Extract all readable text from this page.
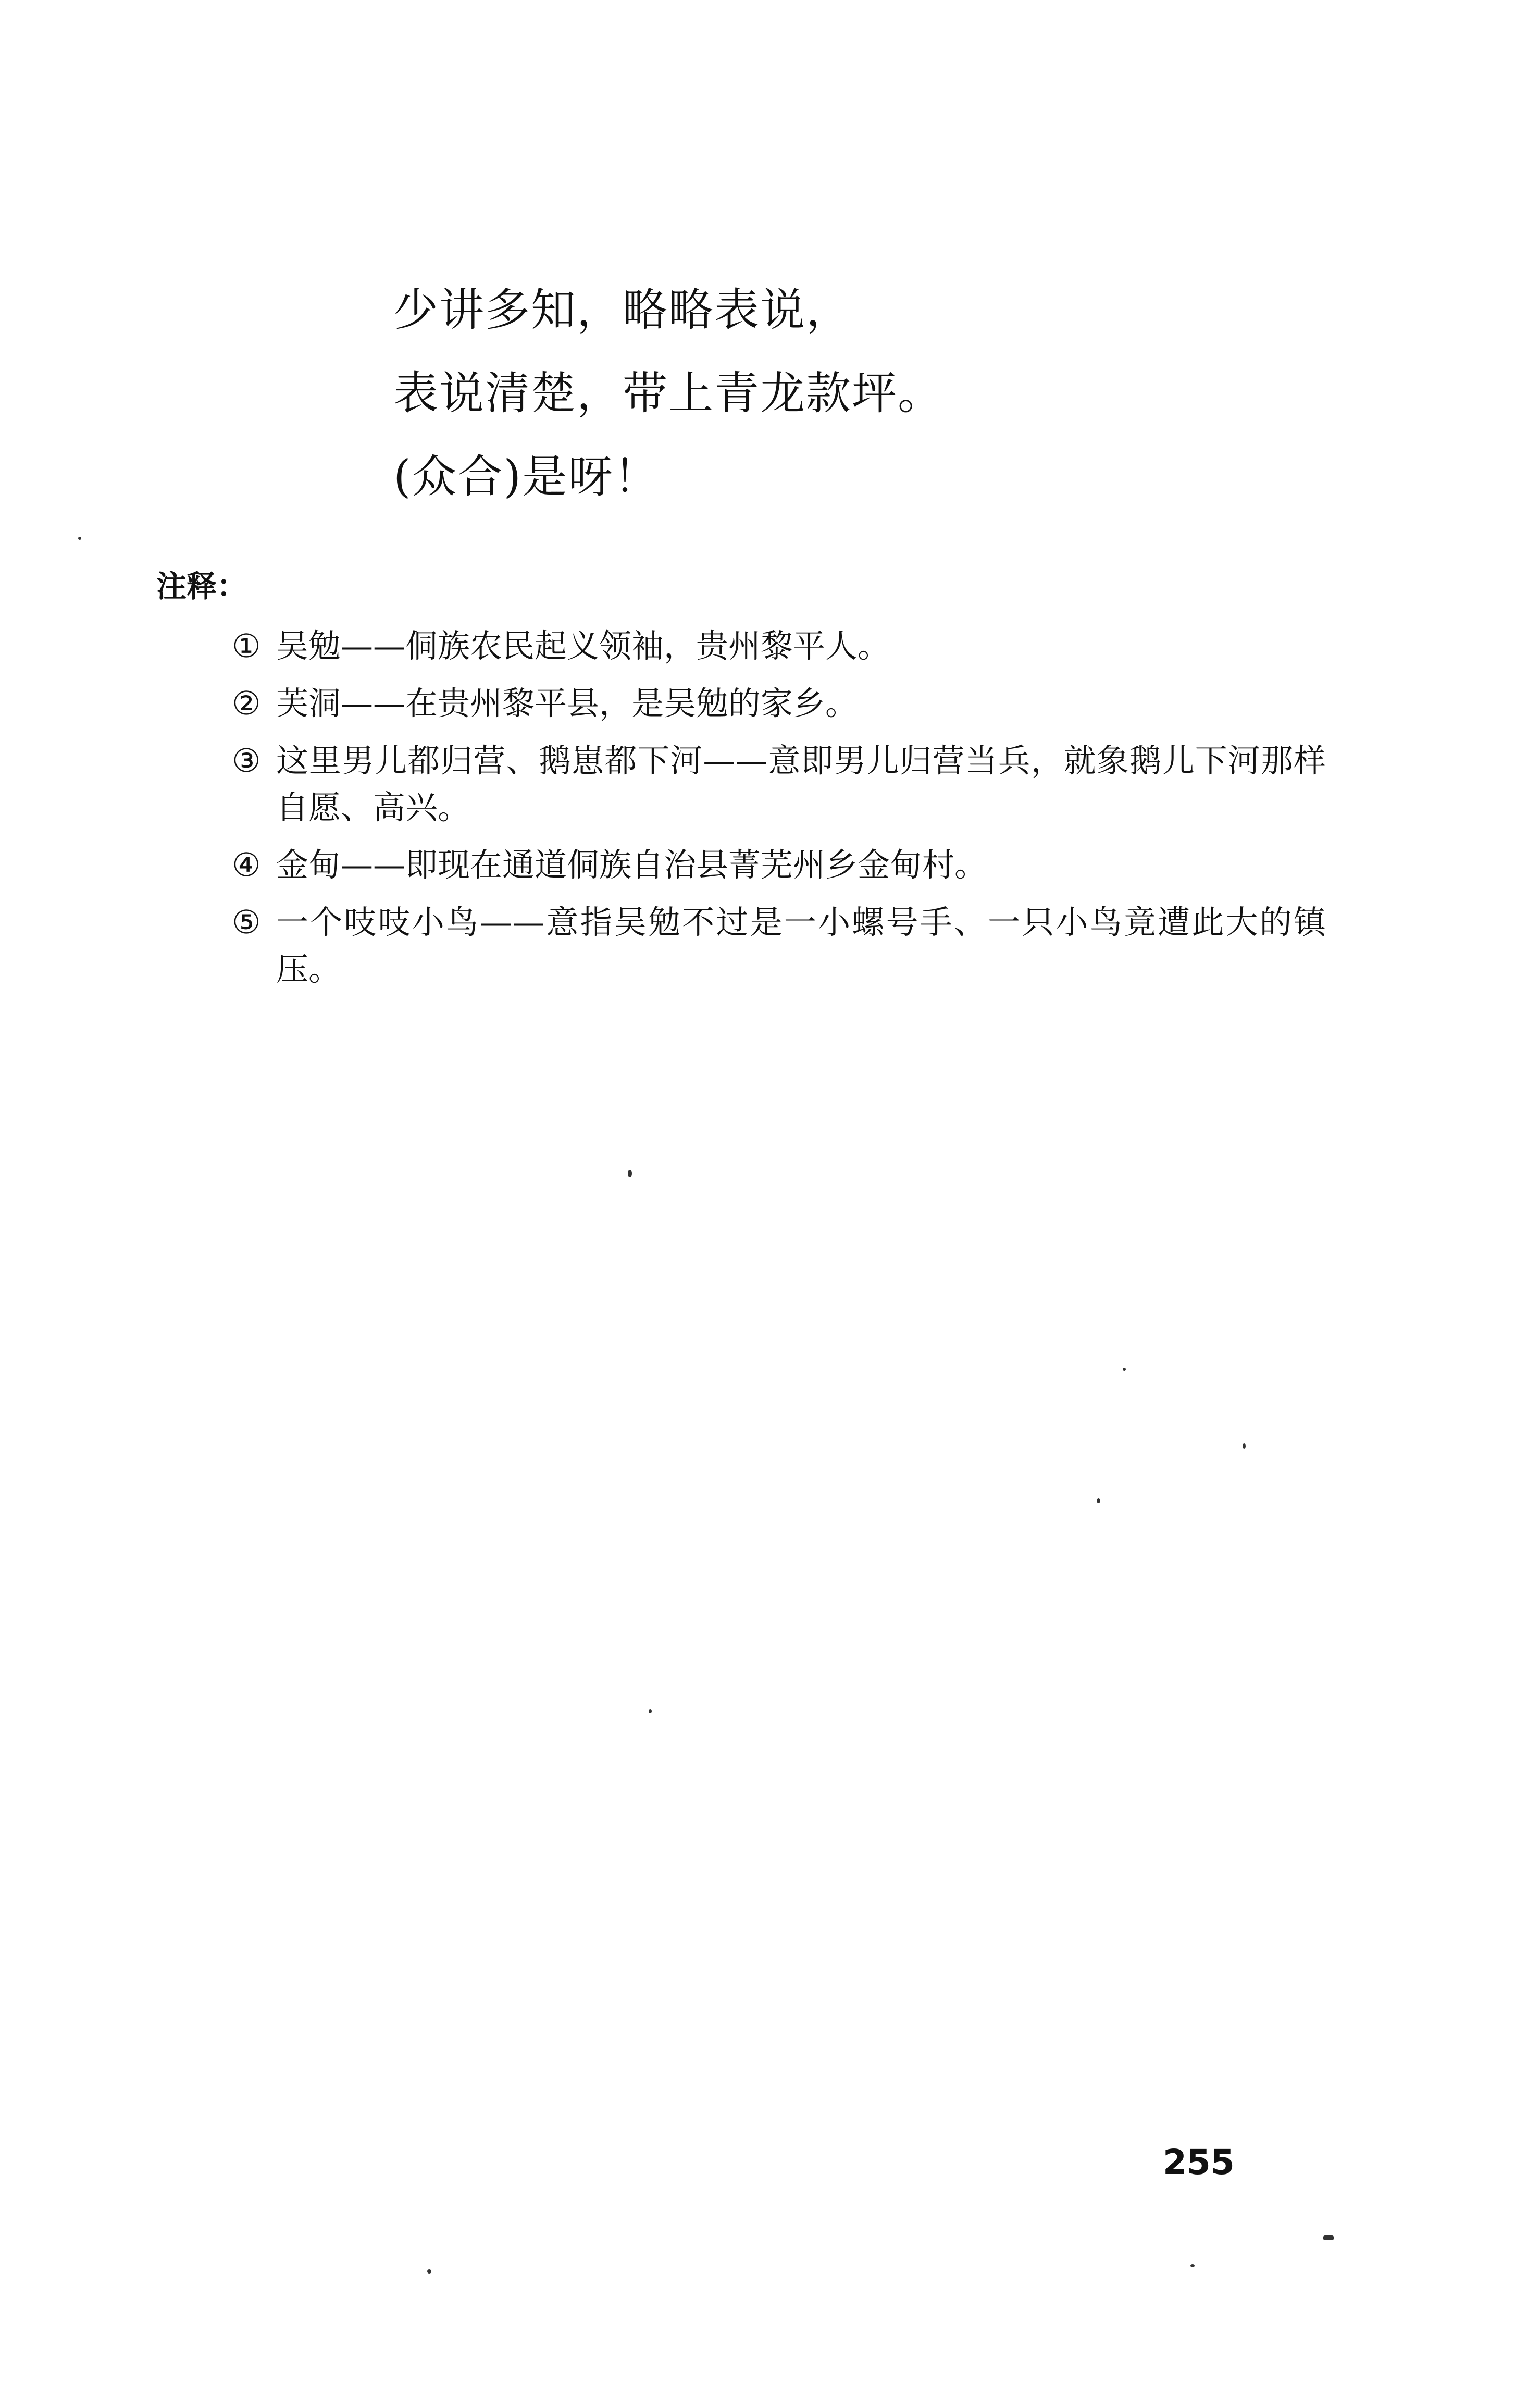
少讲多知，略略表说，
表说清楚，带上青龙款坪。
(众合)是呀！
注释：
① 吴勉——侗族农民起义领袖，贵州黎平人。
② 芙洞——在贵州黎平县，是吴勉的家乡。
③ 这里男儿都归营、鹅崽都下河——意即男儿归营当兵，就象鹅儿下河那样自愿、高兴。
④ 金甸——即现在通道侗族自治县菁芜州乡金甸村。
⑤ 一个吱吱小鸟——意指吴勉不过是一小螺号手、一只小鸟竟遭此大的镇压。
255
